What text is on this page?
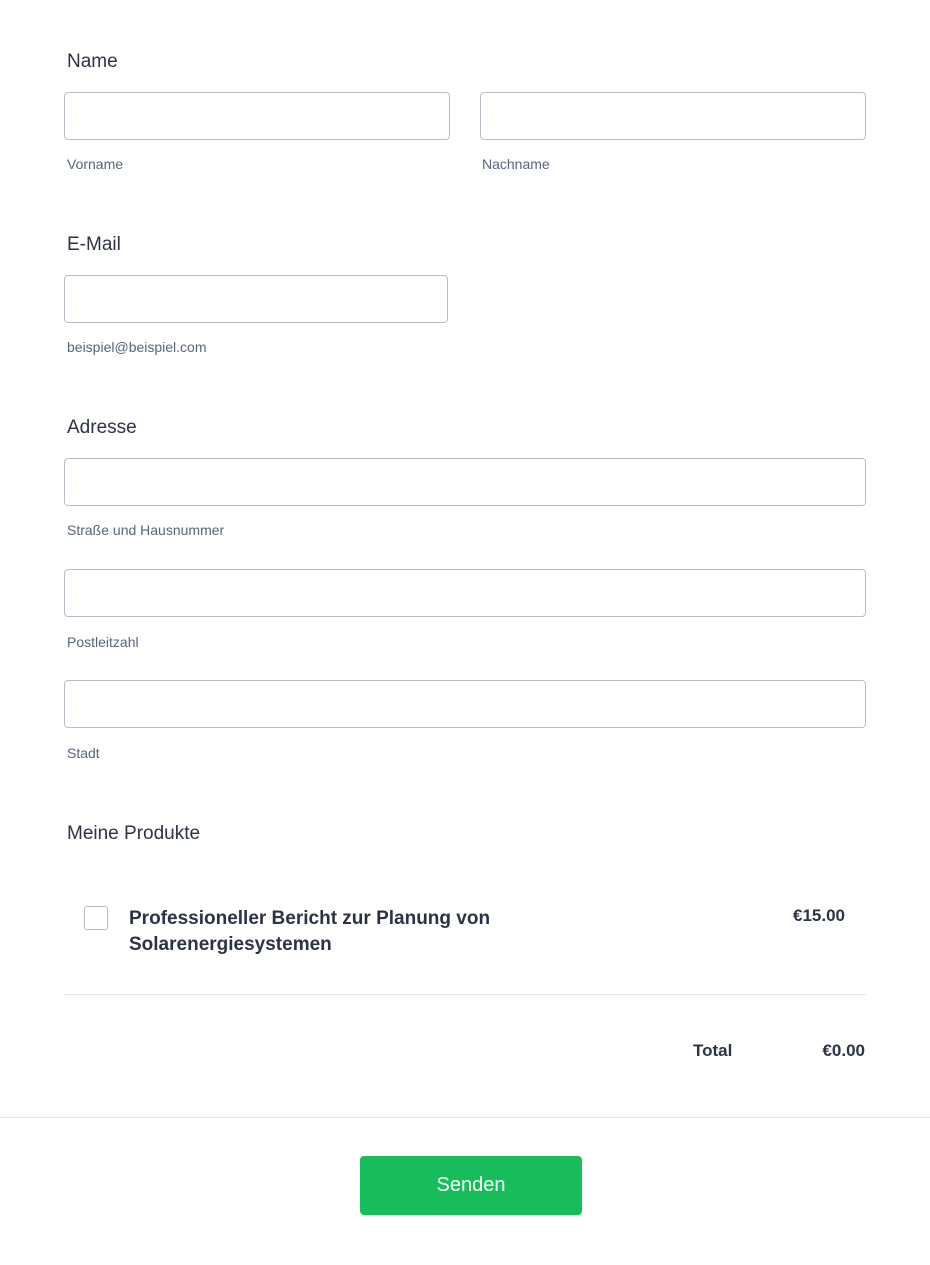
Name
Vorname	Nachname
E-Mail
beispiel@beispiel.com
Adresse
Straße und Hausnummer
Postleitzahl
Stadt
Meine Produkte
Professioneller Bericht zur Planung von Solarenergiesystemen
€15.00
Total	€0.00
Senden
